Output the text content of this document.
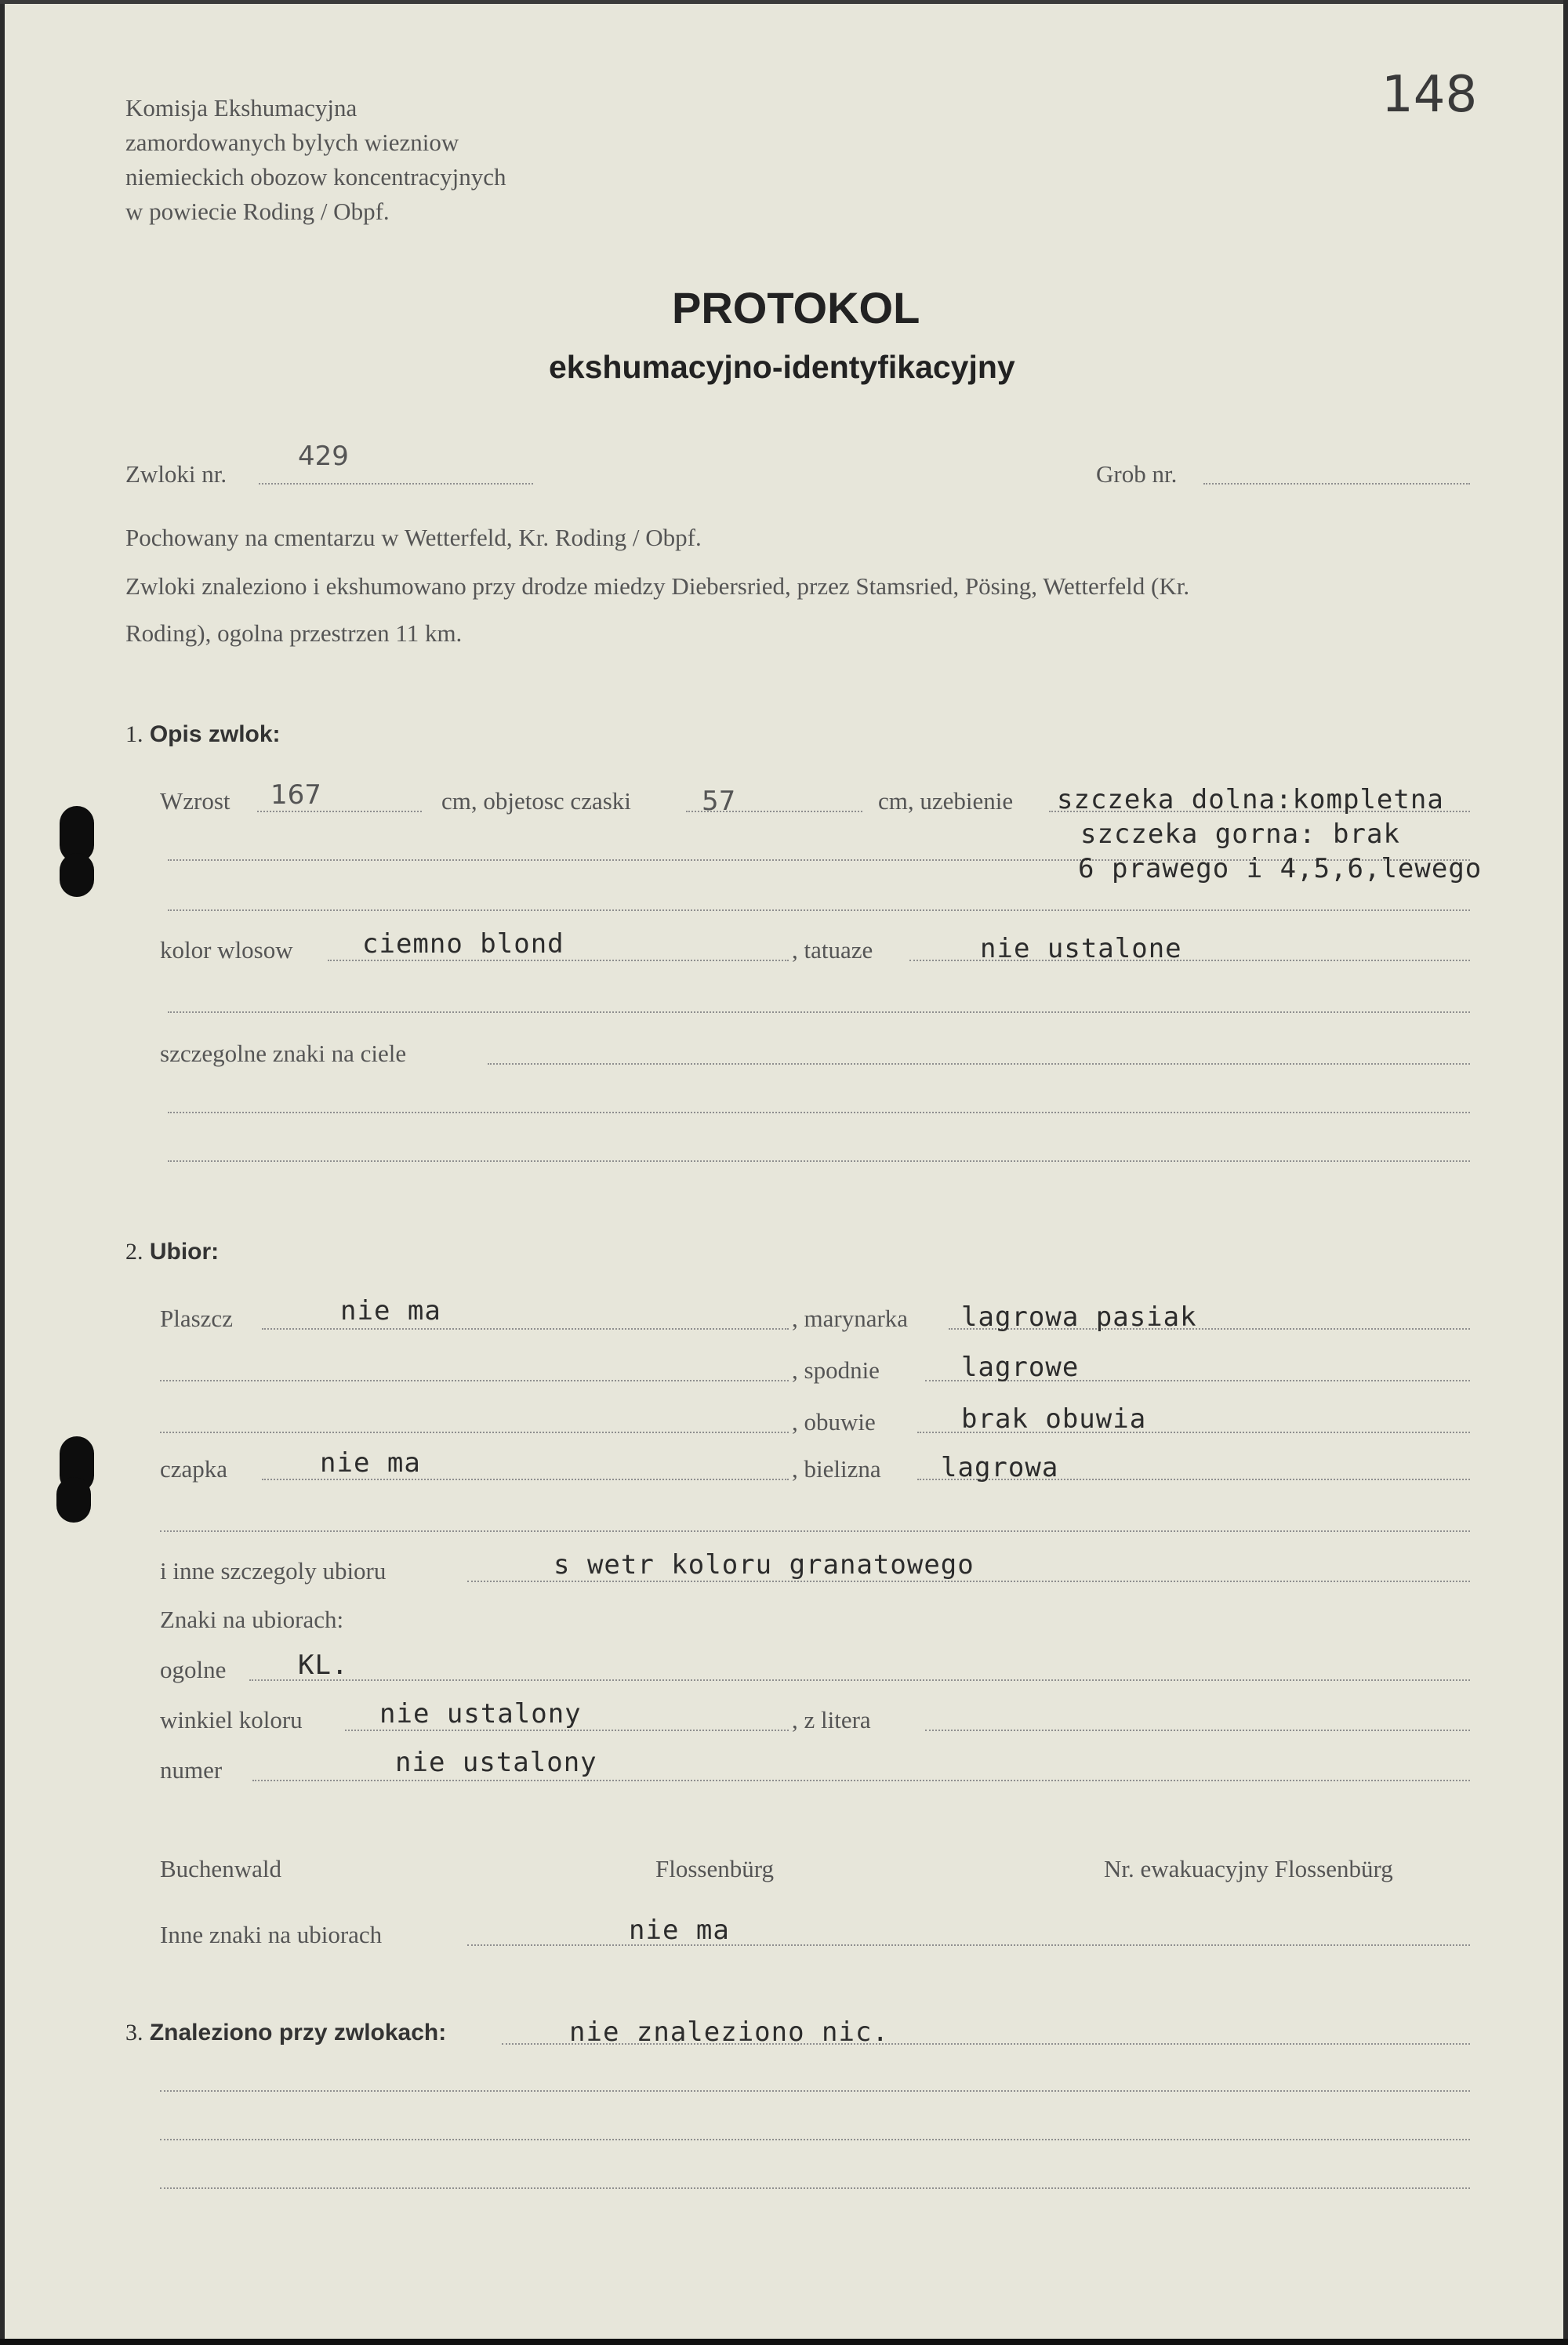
Komisja Ekshumacyjna
zamordowanych bylych wiezniow
niemieckich obozow koncentracyjnych
w powiecie Roding / Obpf.
148
PROTOKOL
ekshumacyjno-identyfikacyjny
Zwloki nr.
429
Grob nr.
Pochowany na cmentarzu w Wetterfeld, Kr. Roding / Obpf.
Zwloki znaleziono i ekshumowano przy drodze miedzy Diebersried, przez Stamsried, Pösing, Wetterfeld (Kr.
Roding), ogolna przestrzen 11 km.
1. Opis zwlok:
Wzrost 167	cm, objetosc czaski	57	cm, uzebienie szczeka dolna:kompletna
szczeka gorna: brak
6 prawego i 4,5,6,lewego
kolor wlosow	ciemno blond	, tatuaze	nie ustalone
szczegolne znaki na ciele
2. Ubior:
Plaszcz	nie ma	, marynarka lagrowa pasiak
, spodnie	lagrowe
, obuwie	brak obuwia
czapka	nie ma	, bielizna lagrowa
i inne szczegoly ubioru	s wetr koloru granatowego
Znaki na ubiorach:
ogolne	KL.
winkiel koloru	nie ustalony	, z litera
numer	nie ustalony
Buchenwald	Flossenbürg	Nr. ewakuacyjny Flossenbürg
Inne znaki na ubiorach	nie ma
3. Znaleziono przy zwlokach:	nie znaleziono nic.
